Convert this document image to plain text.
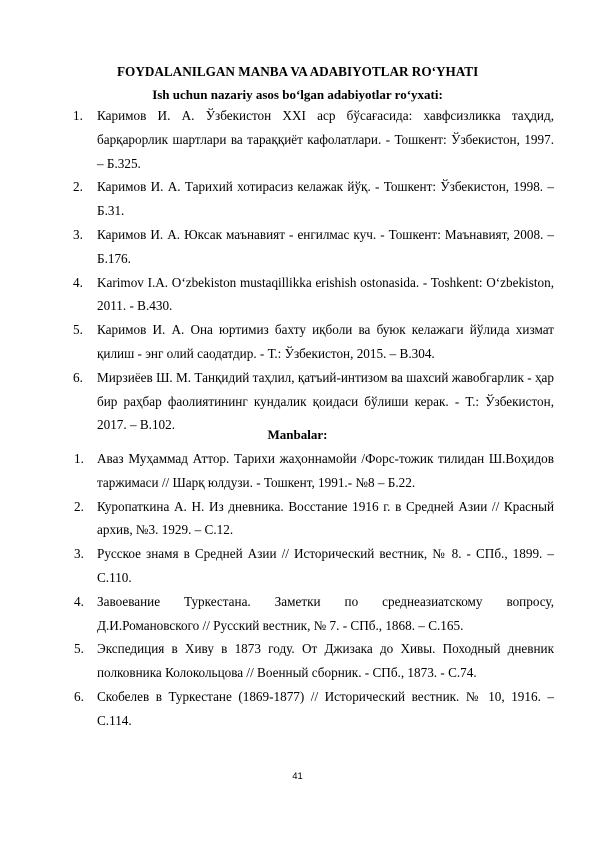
FOYDALANILGAN MANBA VA ADABIYOTLAR RO‘YHATI
Ish uchun nazariy asos bo‘lgan adabiyotlar ro‘yxati:
1. Каримов И. А. Ўзбекистон XXI аср бўсағасида: хавфсизликка таҳдид, барқарорлик шартлари ва тараққиёт кафолатлари. - Тошкент: Ўзбекистон, 1997. – Б.325.
2. Каримов И. А. Тарихий хотирасиз келажак йўқ. - Тошкент: Ўзбекистон, 1998. – Б.31.
3. Каримов И. А. Юксак маънавият - енгилмас куч. - Тошкент: Маънавият, 2008. – Б.176.
4. Karimov I.A. O‘zbekiston mustaqillikka erishish ostonasida. - Toshkent: O‘zbekiston, 2011. - B.430.
5. Каримов И. А. Она юртимиз бахту иқболи ва буюк келажаги йўлида хизмат қилиш - энг олий саодатдир. - Т.: Ўзбекистон, 2015. – B.304.
6. Мирзиёев Ш. М. Танқидий таҳлил, қатъий-интизом ва шахсий жавобгарлик - ҳар бир раҳбар фаолиятининг кундалик қоидаси бўлиши керак. - Т.: Ўзбекистон, 2017. – B.102.
Manbalar:
1. Аваз Муҳаммад Аттор. Тарихи жаҳоннамойи /Форс-тожик тилидан Ш.Воҳидов таржимаси // Шарқ юлдузи. - Тошкент, 1991.- №8 – Б.22.
2. Куропаткина А. Н. Из дневника. Восстание 1916 г. в Средней Азии // Красный архив, №3. 1929. – С.12.
3. Русское знамя в Средней Азии // Исторический вестник, № 8. - СПб., 1899. – С.110.
4. Завоевание Туркестана. Заметки по среднеазиатскому вопросу, Д.И.Романовского // Русский вестник, № 7. - СПб., 1868. – С.165.
5. Экспедиция в Хиву в 1873 году. От Джизака до Хивы. Походный дневник полковника Колокольцова // Военный сборник. - СПб., 1873. - С.74.
6. Скобелев в Туркестане (1869-1877) // Исторический вестник. № 10, 1916. – С.114.
41
